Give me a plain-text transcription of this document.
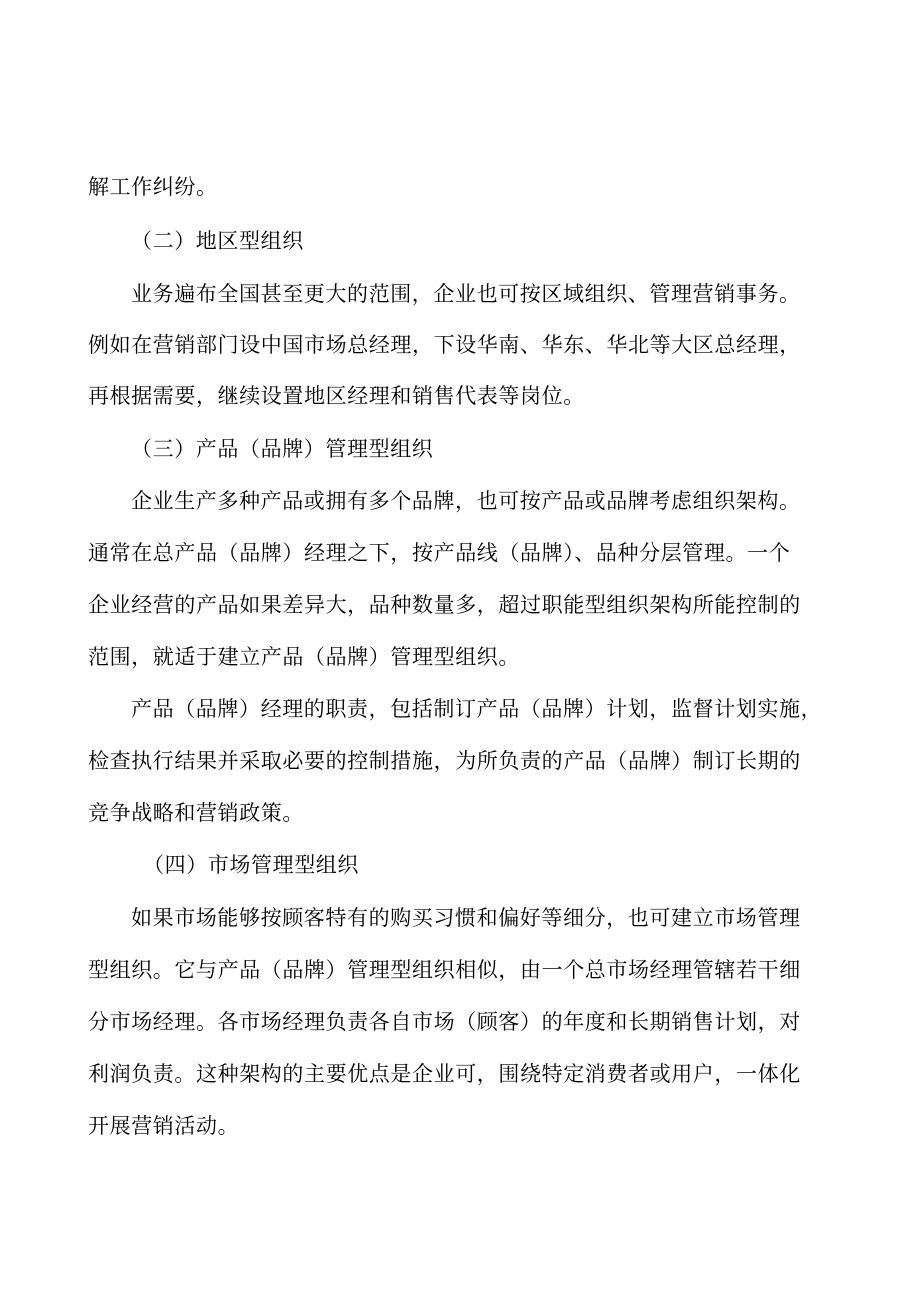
解工作纠纷。

（二）地区型组织

业务遍布全国甚至更大的范围，企业也可按区域组织、管理营销事务。

例如在营销部门设中国市场总经理，下设华南、华东、华北等大区总经理，

再根据需要，继续设置地区经理和销售代表等岗位。

（三）产品（品牌）管理型组织

企业生产多种产品或拥有多个品牌，也可按产品或品牌考虑组织架构。

通常在总产品（品牌）经理之下，按产品线（品牌）、品种分层管理。一个

企业经营的产品如果差异大，品种数量多，超过职能型组织架构所能控制的

范围，就适于建立产品（品牌）管理型组织。

产品（品牌）经理的职责，包括制订产品（品牌）计划，监督计划实施，

检查执行结果并采取必要的控制措施，为所负责的产品（品牌）制订长期的

竞争战略和营销政策。

（四）市场管理型组织

如果市场能够按顾客特有的购买习惯和偏好等细分，也可建立市场管理

型组织。它与产品（品牌）管理型组织相似，由一个总市场经理管辖若干细

分市场经理。各市场经理负责各自市场（顾客）的年度和长期销售计划，对

利润负责。这种架构的主要优点是企业可，围绕特定消费者或用户，一体化

开展营销活动。
